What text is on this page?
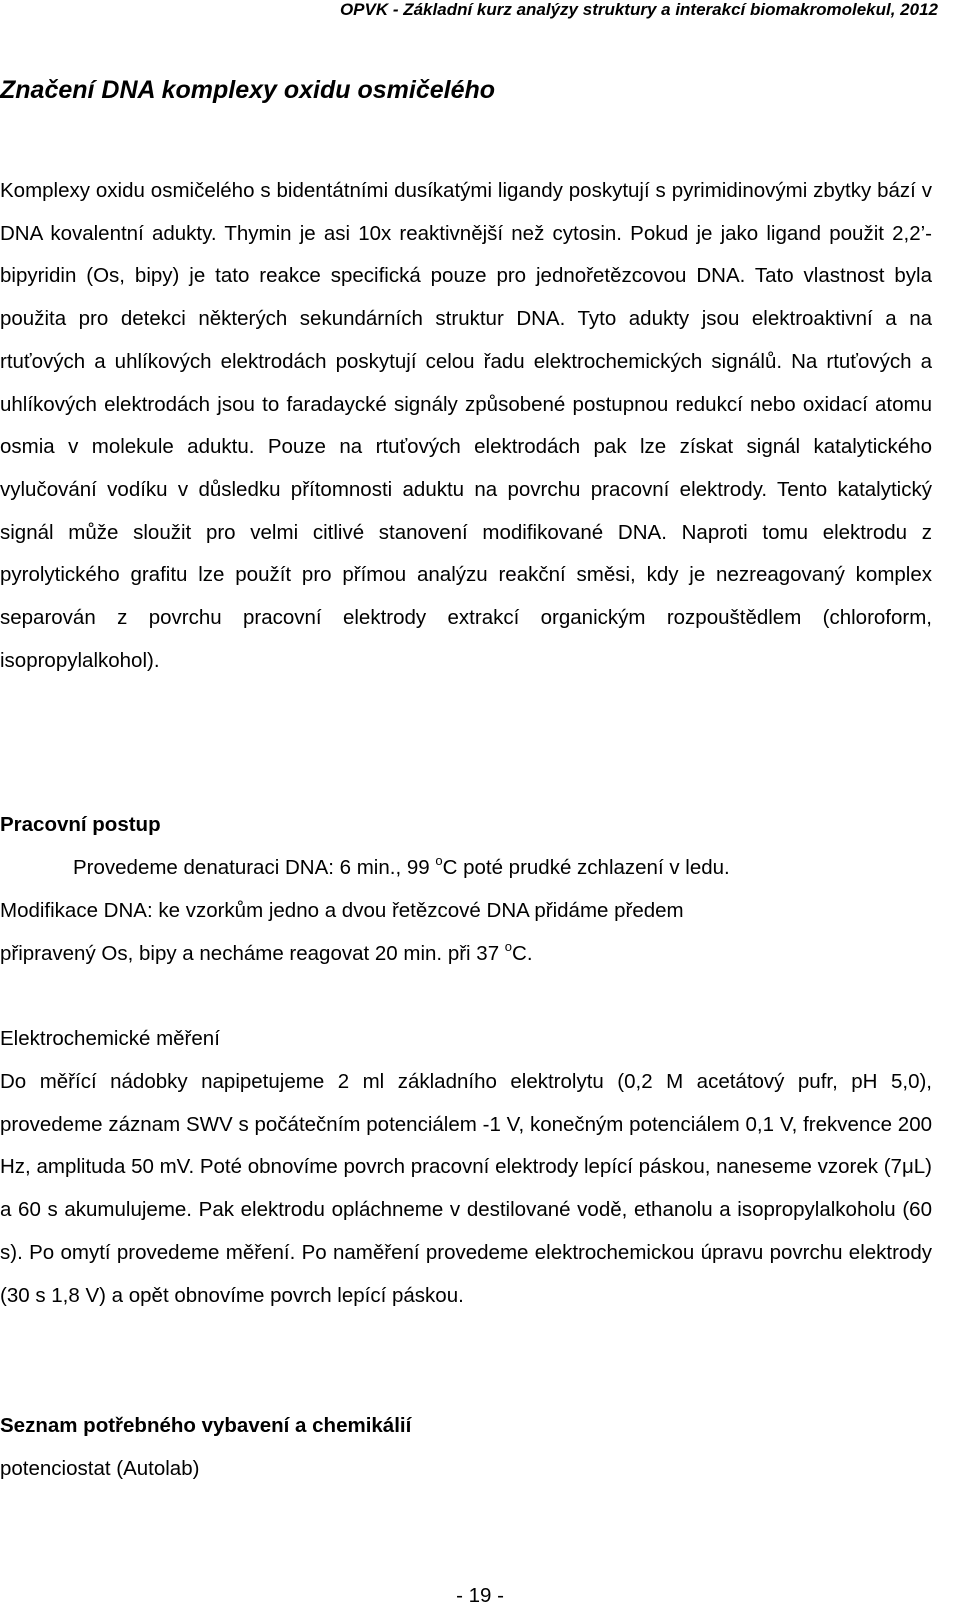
OPVK - Základní kurz analýzy struktury a interakcí biomakromolekul, 2012
Značení DNA komplexy oxidu osmičelého

Komplexy oxidu osmičelého s bidentátními dusíkatými ligandy poskytují s pyrimidinovými zbytky bází v DNA kovalentní adukty. Thymin je asi 10x reaktivnější než cytosin. Pokud je jako ligand použit 2,2’-bipyridin (Os, bipy) je tato reakce specifická pouze pro jednořetězcovou DNA. Tato vlastnost byla použita pro detekci některých sekundárních struktur DNA. Tyto adukty jsou elektroaktivní a na rtuťových a uhlíkových elektrodách poskytují celou řadu elektrochemických signálů. Na rtuťových a uhlíkových elektrodách jsou to faradaycké signály způsobené postupnou redukcí nebo oxidací atomu osmia v molekule aduktu. Pouze na rtuťových elektrodách pak lze získat signál katalytického vylučování vodíku v důsledku přítomnosti aduktu na povrchu pracovní elektrody. Tento katalytický signál může sloužit pro velmi citlivé stanovení modifikované DNA. Naproti tomu elektrodu z pyrolytického grafitu lze použít pro přímou analýzu reakční směsi, kdy je nezreagovaný komplex separován z povrchu pracovní elektrody extrakcí organickým rozpouštědlem (chloroform, isopropylalkohol).

Pracovní postup
Provedeme denaturaci DNA: 6 min., 99 $^o$C poté prudké zchlazení v ledu.
Modifikace DNA: ke vzorkům jedno a dvou řetězcové DNA přidáme předem
připravený Os, bipy a necháme reagovat 20 min. při 37 $^o$C.
Elektrochemické měření

Do měřící nádobky napipetujeme 2 ml základního elektrolytu (0,2 M acetátový pufr, pH 5,0), provedeme záznam SWV s počátečním potenciálem -1 V, konečným potenciálem 0,1 V, frekvence 200 Hz, amplituda 50 mV. Poté obnovíme povrch pracovní elektrody lepící páskou, naneseme vzorek (7μL) a 60 s akumulujeme. Pak elektrodu opláchneme v destilované vodě, ethanolu a isopropylalkoholu (60 s). Po omytí provedeme měření. Po naměření provedeme elektrochemickou úpravu povrchu elektrody (30 s 1,8 V) a opět obnovíme povrch lepící páskou.

Seznam potřebného vybavení a chemikálií
potenciostat (Autolab)
- 19 -
